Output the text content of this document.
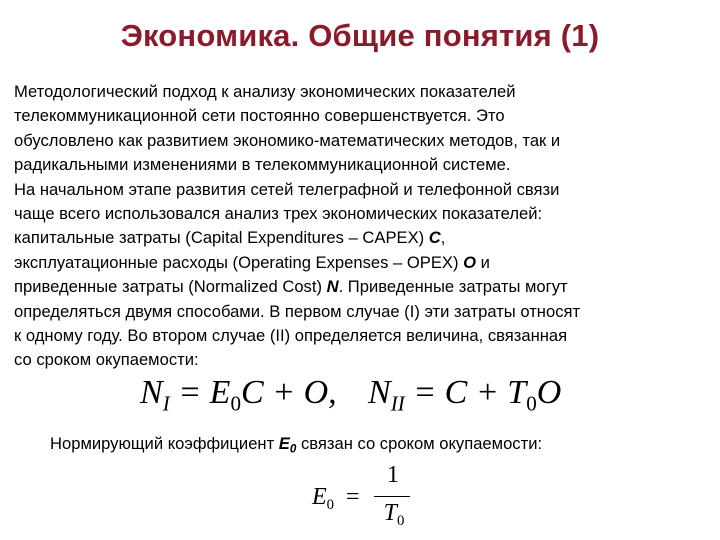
Экономика. Общие понятия (1)
Методологический подход к анализу экономических показателей
телекоммуникационной сети постоянно совершенствуется. Это
обусловлено как развитием экономико-математических методов, так и
радикальными изменениями в телекоммуникационной системе.
На начальном этапе развития сетей телеграфной и телефонной связи
чаще всего использовался анализ трех экономических показателей:
капитальные затраты (Capital Expenditures – CAPEX) C,
эксплуатационные расходы (Operating Expenses – OPEX) O и
приведенные затраты (Normalized Cost) N. Приведенные затраты могут
определяться двумя способами. В первом случае (I) эти затраты относят
к одному году. Во втором случае (II) определяется величина, связанная
со сроком окупаемости:
$N_I = E_0C + O$, $N_{II} = C + T_0O$
Нормирующий коэффициент $E_0$ связан со сроком окупаемости:
$E_0$ =
1
$T_0$
